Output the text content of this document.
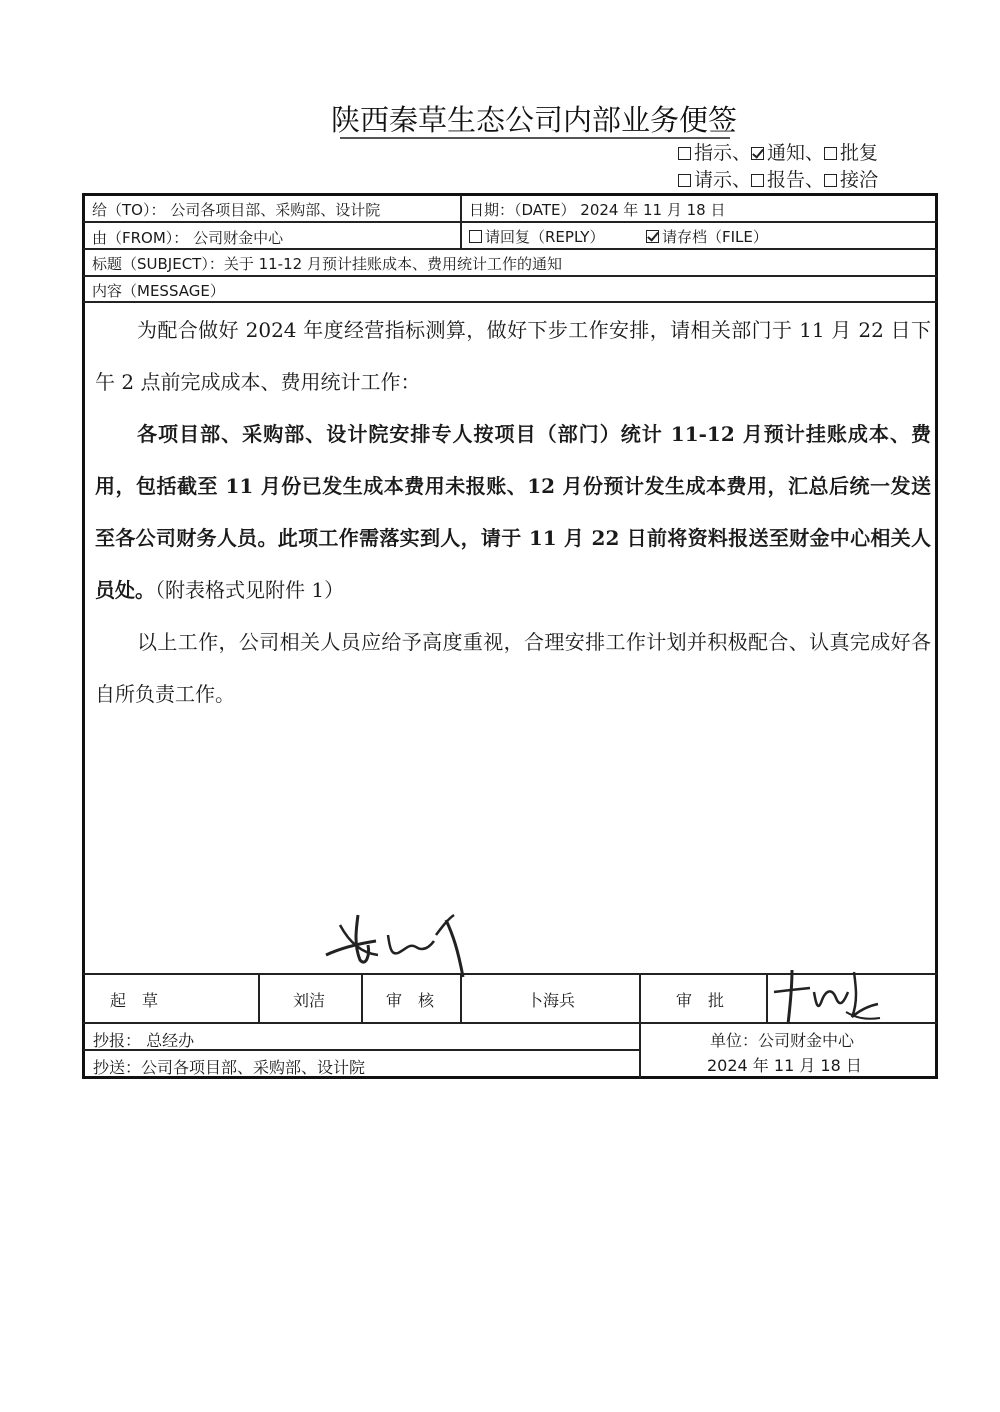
陕西秦草生态公司内部业务便签
指示、 通知、 批复
请示、 报告、 接洽
给（TO）： 公司各项目部、采购部、设计院	日期：（DATE） 2024 年 11 月 18 日
由（FROM）： 公司财金中心	请回复（REPLY）	请存档（FILE）
标题（SUBJECT）：关于 11-12 月预计挂账成本、费用统计工作的通知
内容（MESSAGE）

为配合做好 2024 年度经营指标测算，做好下步工作安排，请相关部门于 11 月 22 日下午 2 点前完成成本、费用统计工作：

各项目部、采购部、设计院安排专人按项目（部门）统计 11-12 月预计挂账成本、费用，包括截至 11 月份已发生成本费用未报账、12 月份预计发生成本费用，汇总后统一发送至各公司财务人员。此项工作需落实到人，请于 11 月 22 日前将资料报送至财金中心相关人员处。（附表格式见附件 1）

以上工作，公司相关人员应给予高度重视，合理安排工作计划并积极配合、认真完成好各自所负责工作。

起　草	刘洁	审　核	卜海兵	审　批
抄报： 总经办
抄送：公司各项目部、采购部、设计院
单位：公司财金中心
2024 年 11 月 18 日
